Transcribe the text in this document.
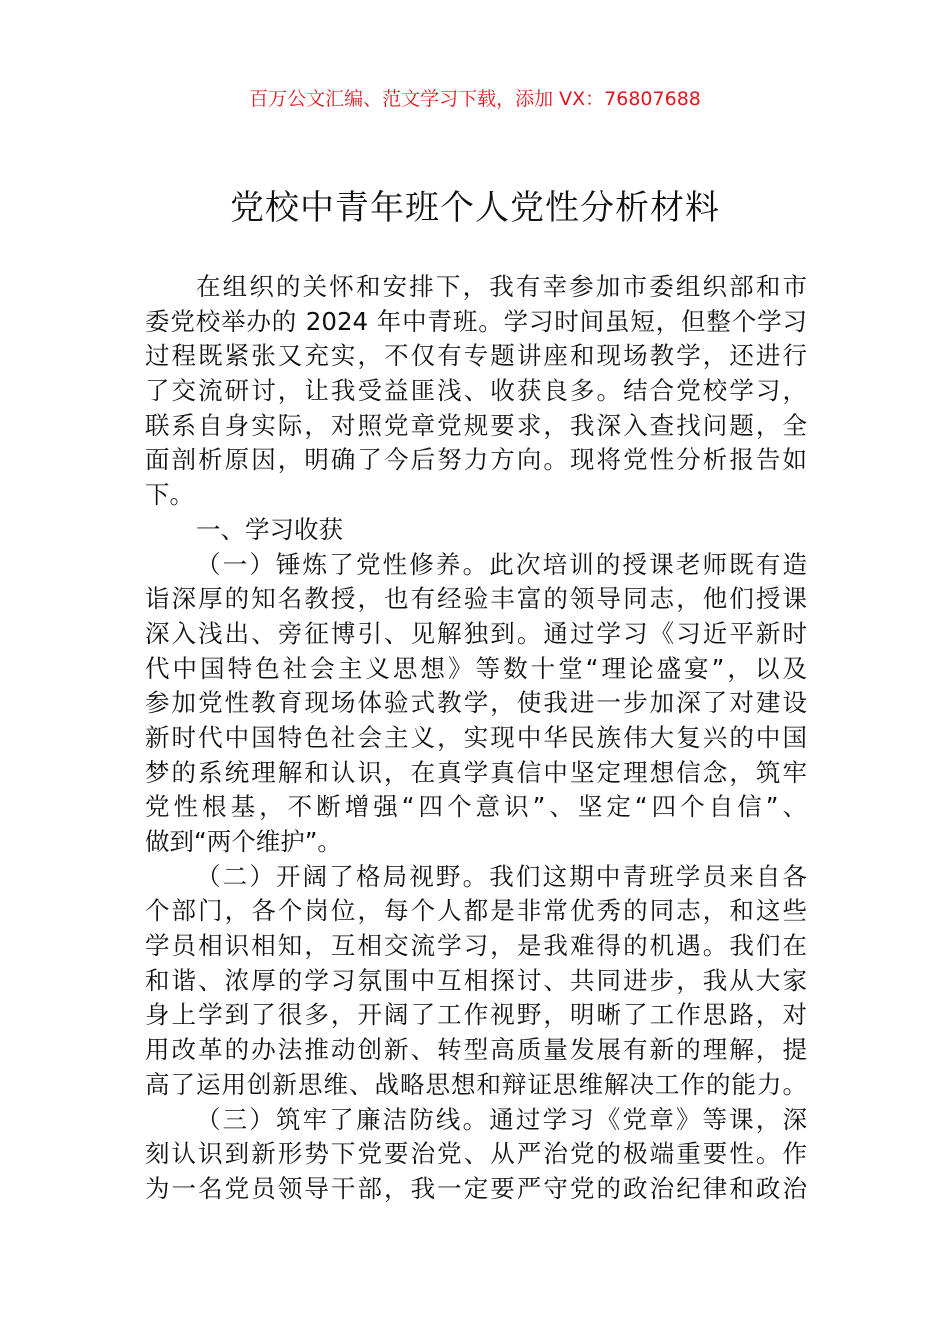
百万公文汇编、范文学习下载，添加 VX：76807688
党校中青年班个人党性分析材料
在组织的关怀和安排下，我有幸参加市委组织部和市
委党校举办的 2024 年中青班。学习时间虽短，但整个学习
过程既紧张又充实，不仅有专题讲座和现场教学，还进行
了交流研讨，让我受益匪浅、收获良多。结合党校学习，
联系自身实际，对照党章党规要求，我深入查找问题，全
面剖析原因，明确了今后努力方向。现将党性分析报告如
下。
一、学习收获
（一）锤炼了党性修养。此次培训的授课老师既有造
诣深厚的知名教授，也有经验丰富的领导同志，他们授课
深入浅出、旁征博引、见解独到。通过学习《习近平新时
代中国特色社会主义思想》等数十堂“理论盛宴”，以及
参加党性教育现场体验式教学，使我进一步加深了对建设
新时代中国特色社会主义，实现中华民族伟大复兴的中国
梦的系统理解和认识，在真学真信中坚定理想信念，筑牢
党性根基，不断增强“四个意识”、坚定“四个自信”、
做到“两个维护”。
（二）开阔了格局视野。我们这期中青班学员来自各
个部门，各个岗位，每个人都是非常优秀的同志，和这些
学员相识相知，互相交流学习，是我难得的机遇。我们在
和谐、浓厚的学习氛围中互相探讨、共同进步，我从大家
身上学到了很多，开阔了工作视野，明晰了工作思路，对
用改革的办法推动创新、转型高质量发展有新的理解，提
高了运用创新思维、战略思想和辩证思维解决工作的能力。
（三）筑牢了廉洁防线。通过学习《党章》等课，深
刻认识到新形势下党要治党、从严治党的极端重要性。作
为一名党员领导干部，我一定要严守党的政治纪律和政治
